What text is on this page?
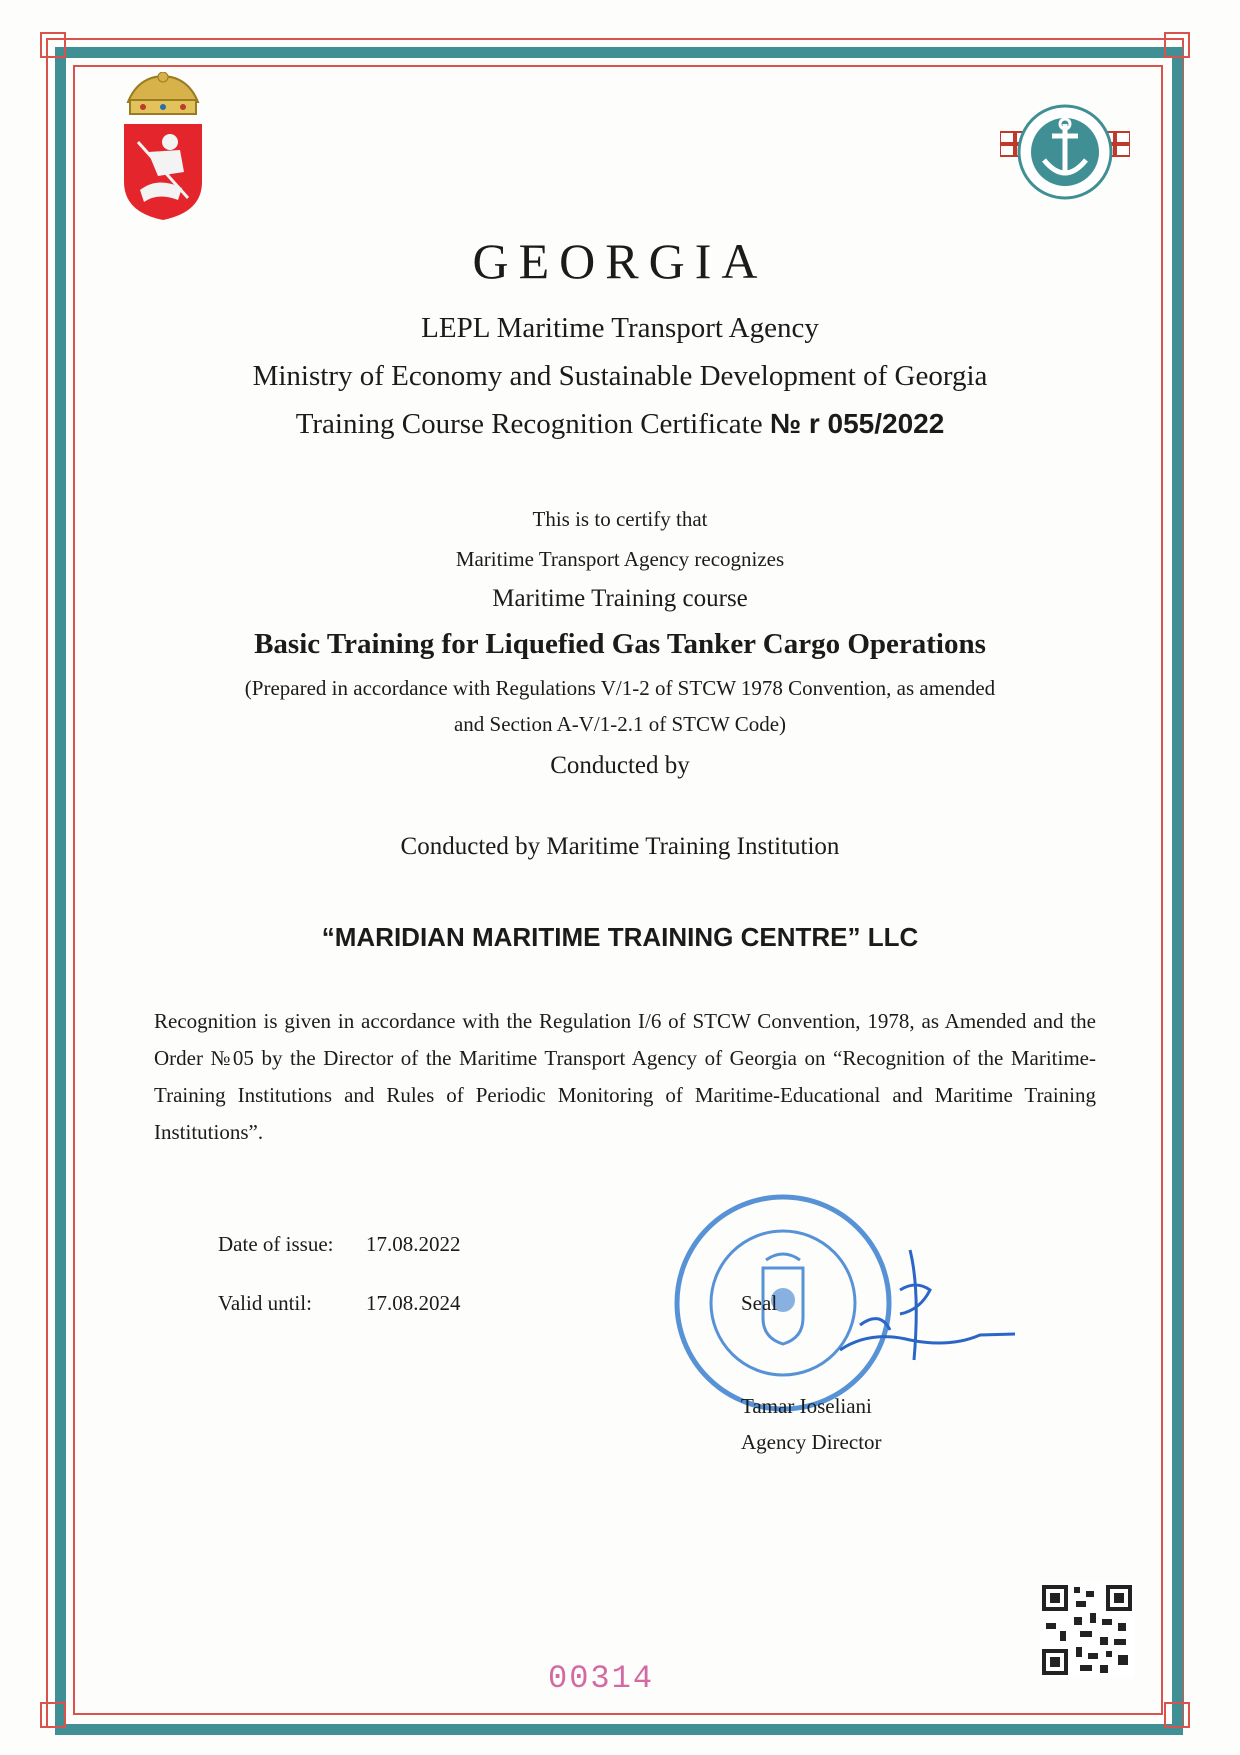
GEORGIA
LEPL Maritime Transport Agency
Ministry of Economy and Sustainable Development of Georgia
Training Course Recognition Certificate № r 055/2022
This is to certify that
Maritime Transport Agency recognizes
Maritime Training course
Basic Training for Liquefied Gas Tanker Cargo Operations
(Prepared in accordance with Regulations V/1-2 of STCW 1978 Convention, as amended
and Section A-V/1-2.1 of STCW Code)
Conducted by
Conducted by Maritime Training Institution
“MARIDIAN MARITIME TRAINING CENTRE” LLC
Recognition is given in accordance with the Regulation I/6 of STCW Convention, 1978, as Amended and the Order №05 by the Director of the Maritime Transport Agency of Georgia on “Recognition of the Maritime-Training Institutions and Rules of Periodic Monitoring of Maritime-Educational and Maritime Training Institutions”.
Date of issue: 17.08.2022
Valid until:	17.08.2024	Seal
Tamar Ioseliani
Agency Director
00314
